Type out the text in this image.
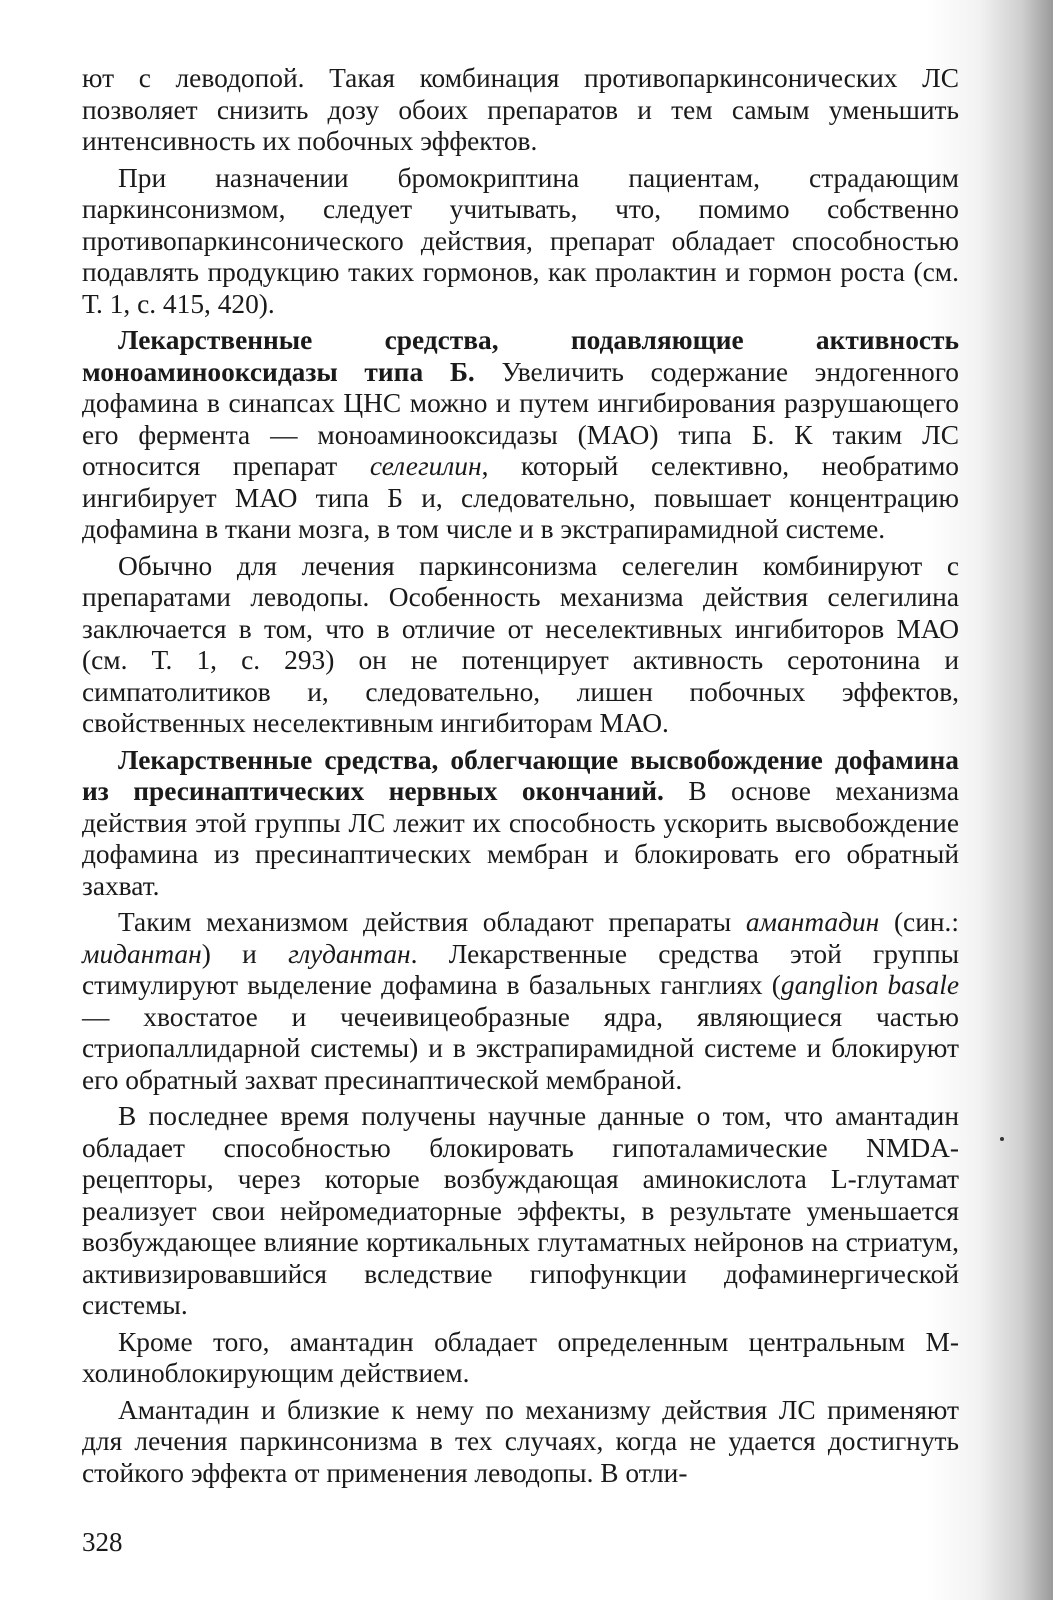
ют с леводопой. Такая комбинация противопаркинсонических ЛС позволяет снизить дозу обоих препаратов и тем самым уменьшить интенсивность их побочных эффектов.

При назначении бромокриптина пациентам, страдающим паркинсонизмом, следует учитывать, что, помимо собственно противопаркинсонического действия, препарат обладает способностью подавлять продукцию таких гормонов, как пролактин и гормон роста (см. Т. 1, с. 415, 420).

Лекарственные средства, подавляющие активность моноаминооксидазы типа Б. Увеличить содержание эндогенного дофамина в синапсах ЦНС можно и путем ингибирования разрушающего его фермента — моноаминооксидазы (МАО) типа Б. К таким ЛС относится препарат селегилин, который селективно, необратимо ингибирует МАО типа Б и, следовательно, повышает концентрацию дофамина в ткани мозга, в том числе и в экстрапирамидной системе.

Обычно для лечения паркинсонизма селегелин комбинируют с препаратами леводопы. Особенность механизма действия селегилина заключается в том, что в отличие от неселективных ингибиторов МАО (см. Т. 1, с. 293) он не потенцирует активность серотонина и симпатолитиков и, следовательно, лишен побочных эффектов, свойственных неселективным ингибиторам МАО.

Лекарственные средства, облегчающие высвобождение дофамина из пресинаптических нервных окончаний. В основе механизма действия этой группы ЛС лежит их способность ускорить высвобождение дофамина из пресинаптических мембран и блокировать его обратный захват.

Таким механизмом действия обладают препараты амантадин (син.: мидантан) и глудантан. Лекарственные средства этой группы стимулируют выделение дофамина в базальных ганглиях (ganglion basale — хвостатое и чечеивицеобразные ядра, являющиеся частью стриопаллидарной системы) и в экстрапирамидной системе и блокируют его обратный захват пресинаптической мембраной.

В последнее время получены научные данные о том, что амантадин обладает способностью блокировать гипоталамические NMDA-рецепторы, через которые возбуждающая аминокислота L-глутамат реализует свои нейромедиаторные эффекты, в результате уменьшается возбуждающее влияние кортикальных глутаматных нейронов на стриатум, активизировавшийся вследствие гипофункции дофаминергической системы.

Кроме того, амантадин обладает определенным центральным М-холиноблокирующим действием.

Амантадин и близкие к нему по механизму действия ЛС применяют для лечения паркинсонизма в тех случаях, когда не удается достигнуть стойкого эффекта от применения леводопы. В отли-

328
